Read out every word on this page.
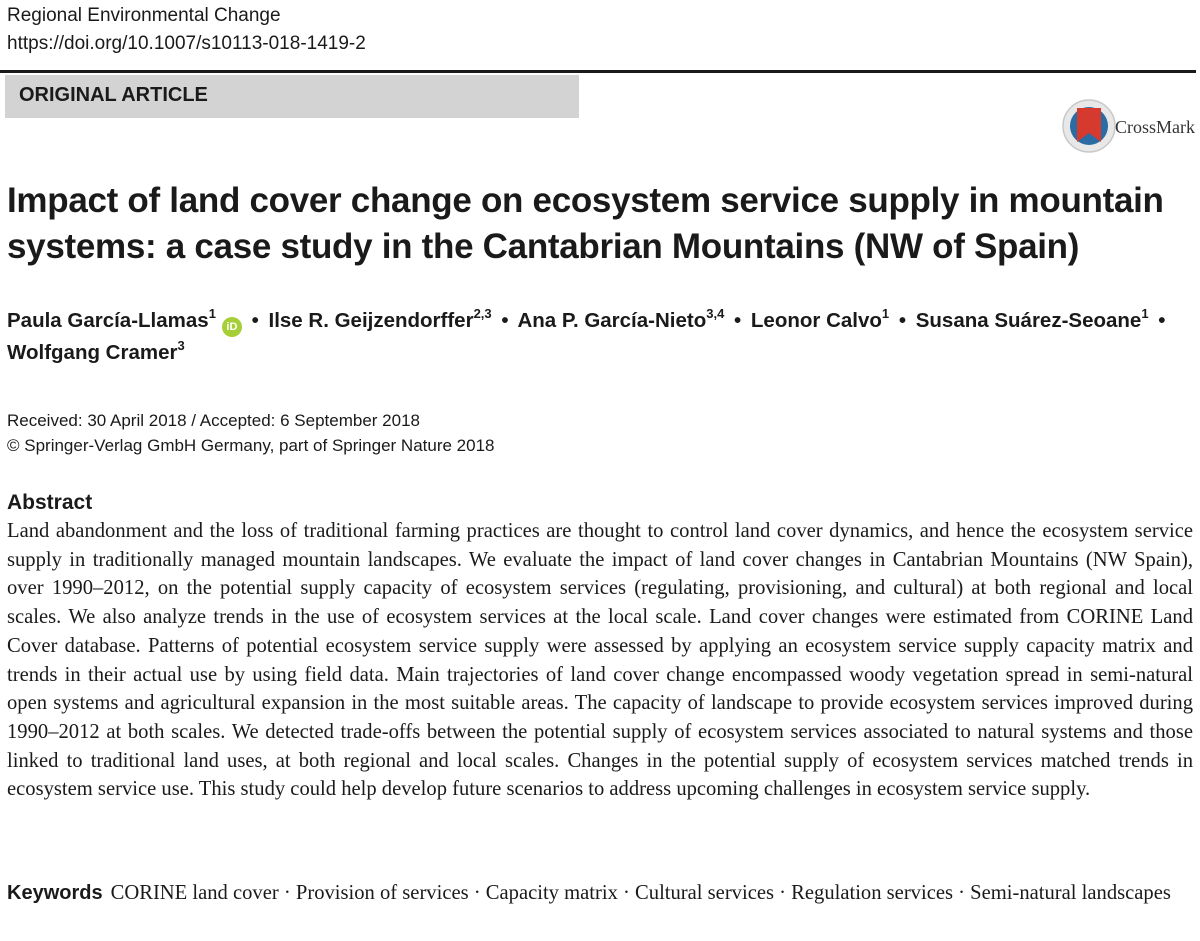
Regional Environmental Change
https://doi.org/10.1007/s10113-018-1419-2
ORIGINAL ARTICLE
CrossMark
Impact of land cover change on ecosystem service supply in mountain systems: a case study in the Cantabrian Mountains (NW of Spain)
Paula García-Llamas$^1$iD • Ilse R. Geijzendorffer$^{2,3}$ • Ana P. García-Nieto$^{3,4}$ • Leonor Calvo$^1$ • Susana Suárez-Seoane$^1$ •
Wolfgang Cramer$^3$
Received: 30 April 2018 / Accepted: 6 September 2018
© Springer-Verlag GmbH Germany, part of Springer Nature 2018
Abstract

Land abandonment and the loss of traditional farming practices are thought to control land cover dynamics, and hence the ecosystem service supply in traditionally managed mountain landscapes. We evaluate the impact of land cover changes in Cantabrian Mountains (NW Spain), over 1990–2012, on the potential supply capacity of ecosystem services (regulating, provisioning, and cultural) at both regional and local scales. We also analyze trends in the use of ecosystem services at the local scale. Land cover changes were estimated from CORINE Land Cover database. Patterns of potential ecosystem service supply were assessed by applying an ecosystem service supply capacity matrix and trends in their actual use by using field data. Main trajectories of land cover change encompassed woody vegetation spread in semi-natural open systems and agricultural expansion in the most suitable areas. The capacity of landscape to provide ecosystem services improved during 1990–2012 at both scales. We detected trade-offs between the potential supply of ecosystem services associated to natural systems and those linked to traditional land uses, at both regional and local scales. Changes in the potential supply of ecosystem services matched trends in ecosystem service use. This study could help develop future scenarios to address upcoming challenges in ecosystem service supply.

Keywords CORINE land cover · Provision of services · Capacity matrix · Cultural services · Regulation services · Semi-natural landscapes
